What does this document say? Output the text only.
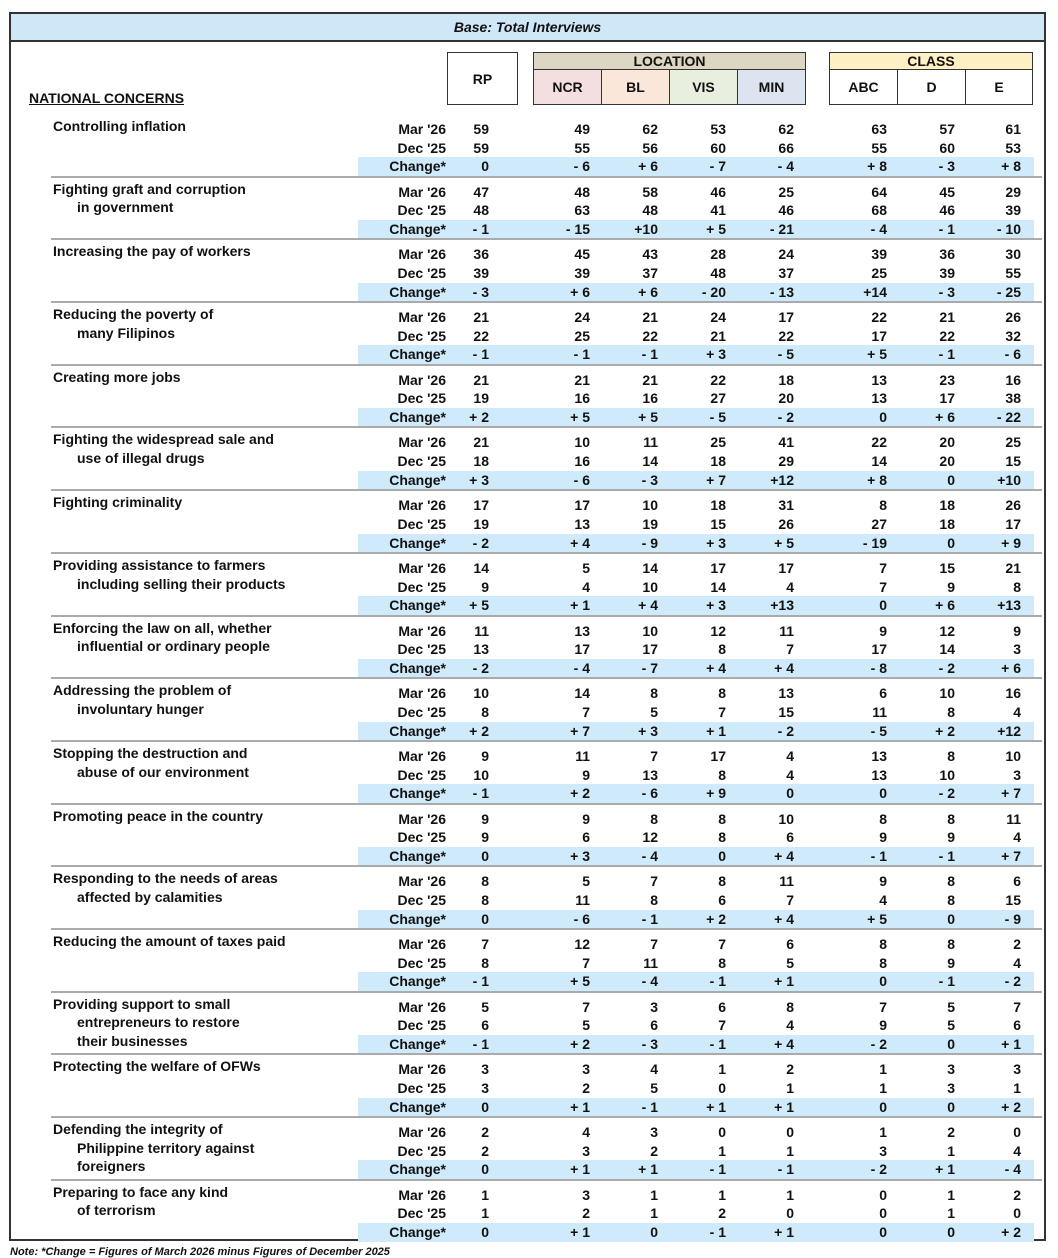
Base: Total Interviews
NATIONAL CONCERNS
RP
LOCATION
NCR	BL	VIS	MIN
CLASS
ABC	D	E
Controlling inflation	Mar '26	59	49	62	53	62	63	57	61
Dec '25	59	55	56	60	66	55	60	53
Change*	0	- 6	+ 6	- 7	- 4	+ 8	- 3	+ 8
Fighting graft and corruption
in government
Mar '26	47	48	58	46	25	64	45	29
Dec '25	48	63	48	41	46	68	46	39
Change*	- 1	- 15	+10	+ 5	- 21	- 4	- 1	- 10
Increasing the pay of workers	Mar '26	36	45	43	28	24	39	36	30
Dec '25	39	39	37	48	37	25	39	55
Change*	- 3	+ 6	+ 6	- 20	- 13	+14	- 3	- 25
Reducing the poverty of
many Filipinos
Mar '26	21	24	21	24	17	22	21	26
Dec '25	22	25	22	21	22	17	22	32
Change*	- 1	- 1	- 1	+ 3	- 5	+ 5	- 1	- 6
Creating more jobs	Mar '26	21	21	21	22	18	13	23	16
Dec '25	19	16	16	27	20	13	17	38
Change*	+ 2	+ 5	+ 5	- 5	- 2	0	+ 6	- 22
Fighting the widespread sale and
use of illegal drugs
Mar '26	21	10	11	25	41	22	20	25
Dec '25	18	16	14	18	29	14	20	15
Change*	+ 3	- 6	- 3	+ 7	+12	+ 8	0	+10
Fighting criminality	Mar '26	17	17	10	18	31	8	18	26
Dec '25	19	13	19	15	26	27	18	17
Change*	- 2	+ 4	- 9	+ 3	+ 5	- 19	0	+ 9
Providing assistance to farmers
including selling their products
Mar '26	14	5	14	17	17	7	15	21
Dec '25	9	4	10	14	4	7	9	8
Change*	+ 5	+ 1	+ 4	+ 3	+13	0	+ 6	+13
Enforcing the law on all, whether
influential or ordinary people
Mar '26	11	13	10	12	11	9	12	9
Dec '25	13	17	17	8	7	17	14	3
Change*	- 2	- 4	- 7	+ 4	+ 4	- 8	- 2	+ 6
Addressing the problem of
involuntary hunger
Mar '26	10	14	8	8	13	6	10	16
Dec '25	8	7	5	7	15	11	8	4
Change*	+ 2	+ 7	+ 3	+ 1	- 2	- 5	+ 2	+12
Stopping the destruction and
abuse of our environment
Mar '26	9	11	7	17	4	13	8	10
Dec '25	10	9	13	8	4	13	10	3
Change*	- 1	+ 2	- 6	+ 9	0	0	- 2	+ 7
Promoting peace in the country	Mar '26	9	9	8	8	10	8	8	11
Dec '25	9	6	12	8	6	9	9	4
Change*	0	+ 3	- 4	0	+ 4	- 1	- 1	+ 7
Responding to the needs of areas
affected by calamities
Mar '26	8	5	7	8	11	9	8	6
Dec '25	8	11	8	6	7	4	8	15
Change*	0	- 6	- 1	+ 2	+ 4	+ 5	0	- 9
Reducing the amount of taxes paid	Mar '26	7	12	7	7	6	8	8	2
Dec '25	8	7	11	8	5	8	9	4
Change*	- 1	+ 5	- 4	- 1	+ 1	0	- 1	- 2
Providing support to small
entrepreneurs to restore
their businesses
Mar '26	5	7	3	6	8	7	5	7
Dec '25	6	5	6	7	4	9	5	6
Change*	- 1	+ 2	- 3	- 1	+ 4	- 2	0	+ 1
Protecting the welfare of OFWs	Mar '26	3	3	4	1	2	1	3	3
Dec '25	3	2	5	0	1	1	3	1
Change*	0	+ 1	- 1	+ 1	+ 1	0	0	+ 2
Defending the integrity of
Philippine territory against
foreigners
Mar '26	2	4	3	0	0	1	2	0
Dec '25	2	3	2	1	1	3	1	4
Change*	0	+ 1	+ 1	- 1	- 1	- 2	+ 1	- 4
Preparing to face any kind
of terrorism
Mar '26	1	3	1	1	1	0	1	2
Dec '25	1	2	1	2	0	0	1	0
Change*	0	+ 1	0	- 1	+ 1	0	0	+ 2
Note: *Change = Figures of March 2026 minus Figures of December 2025
